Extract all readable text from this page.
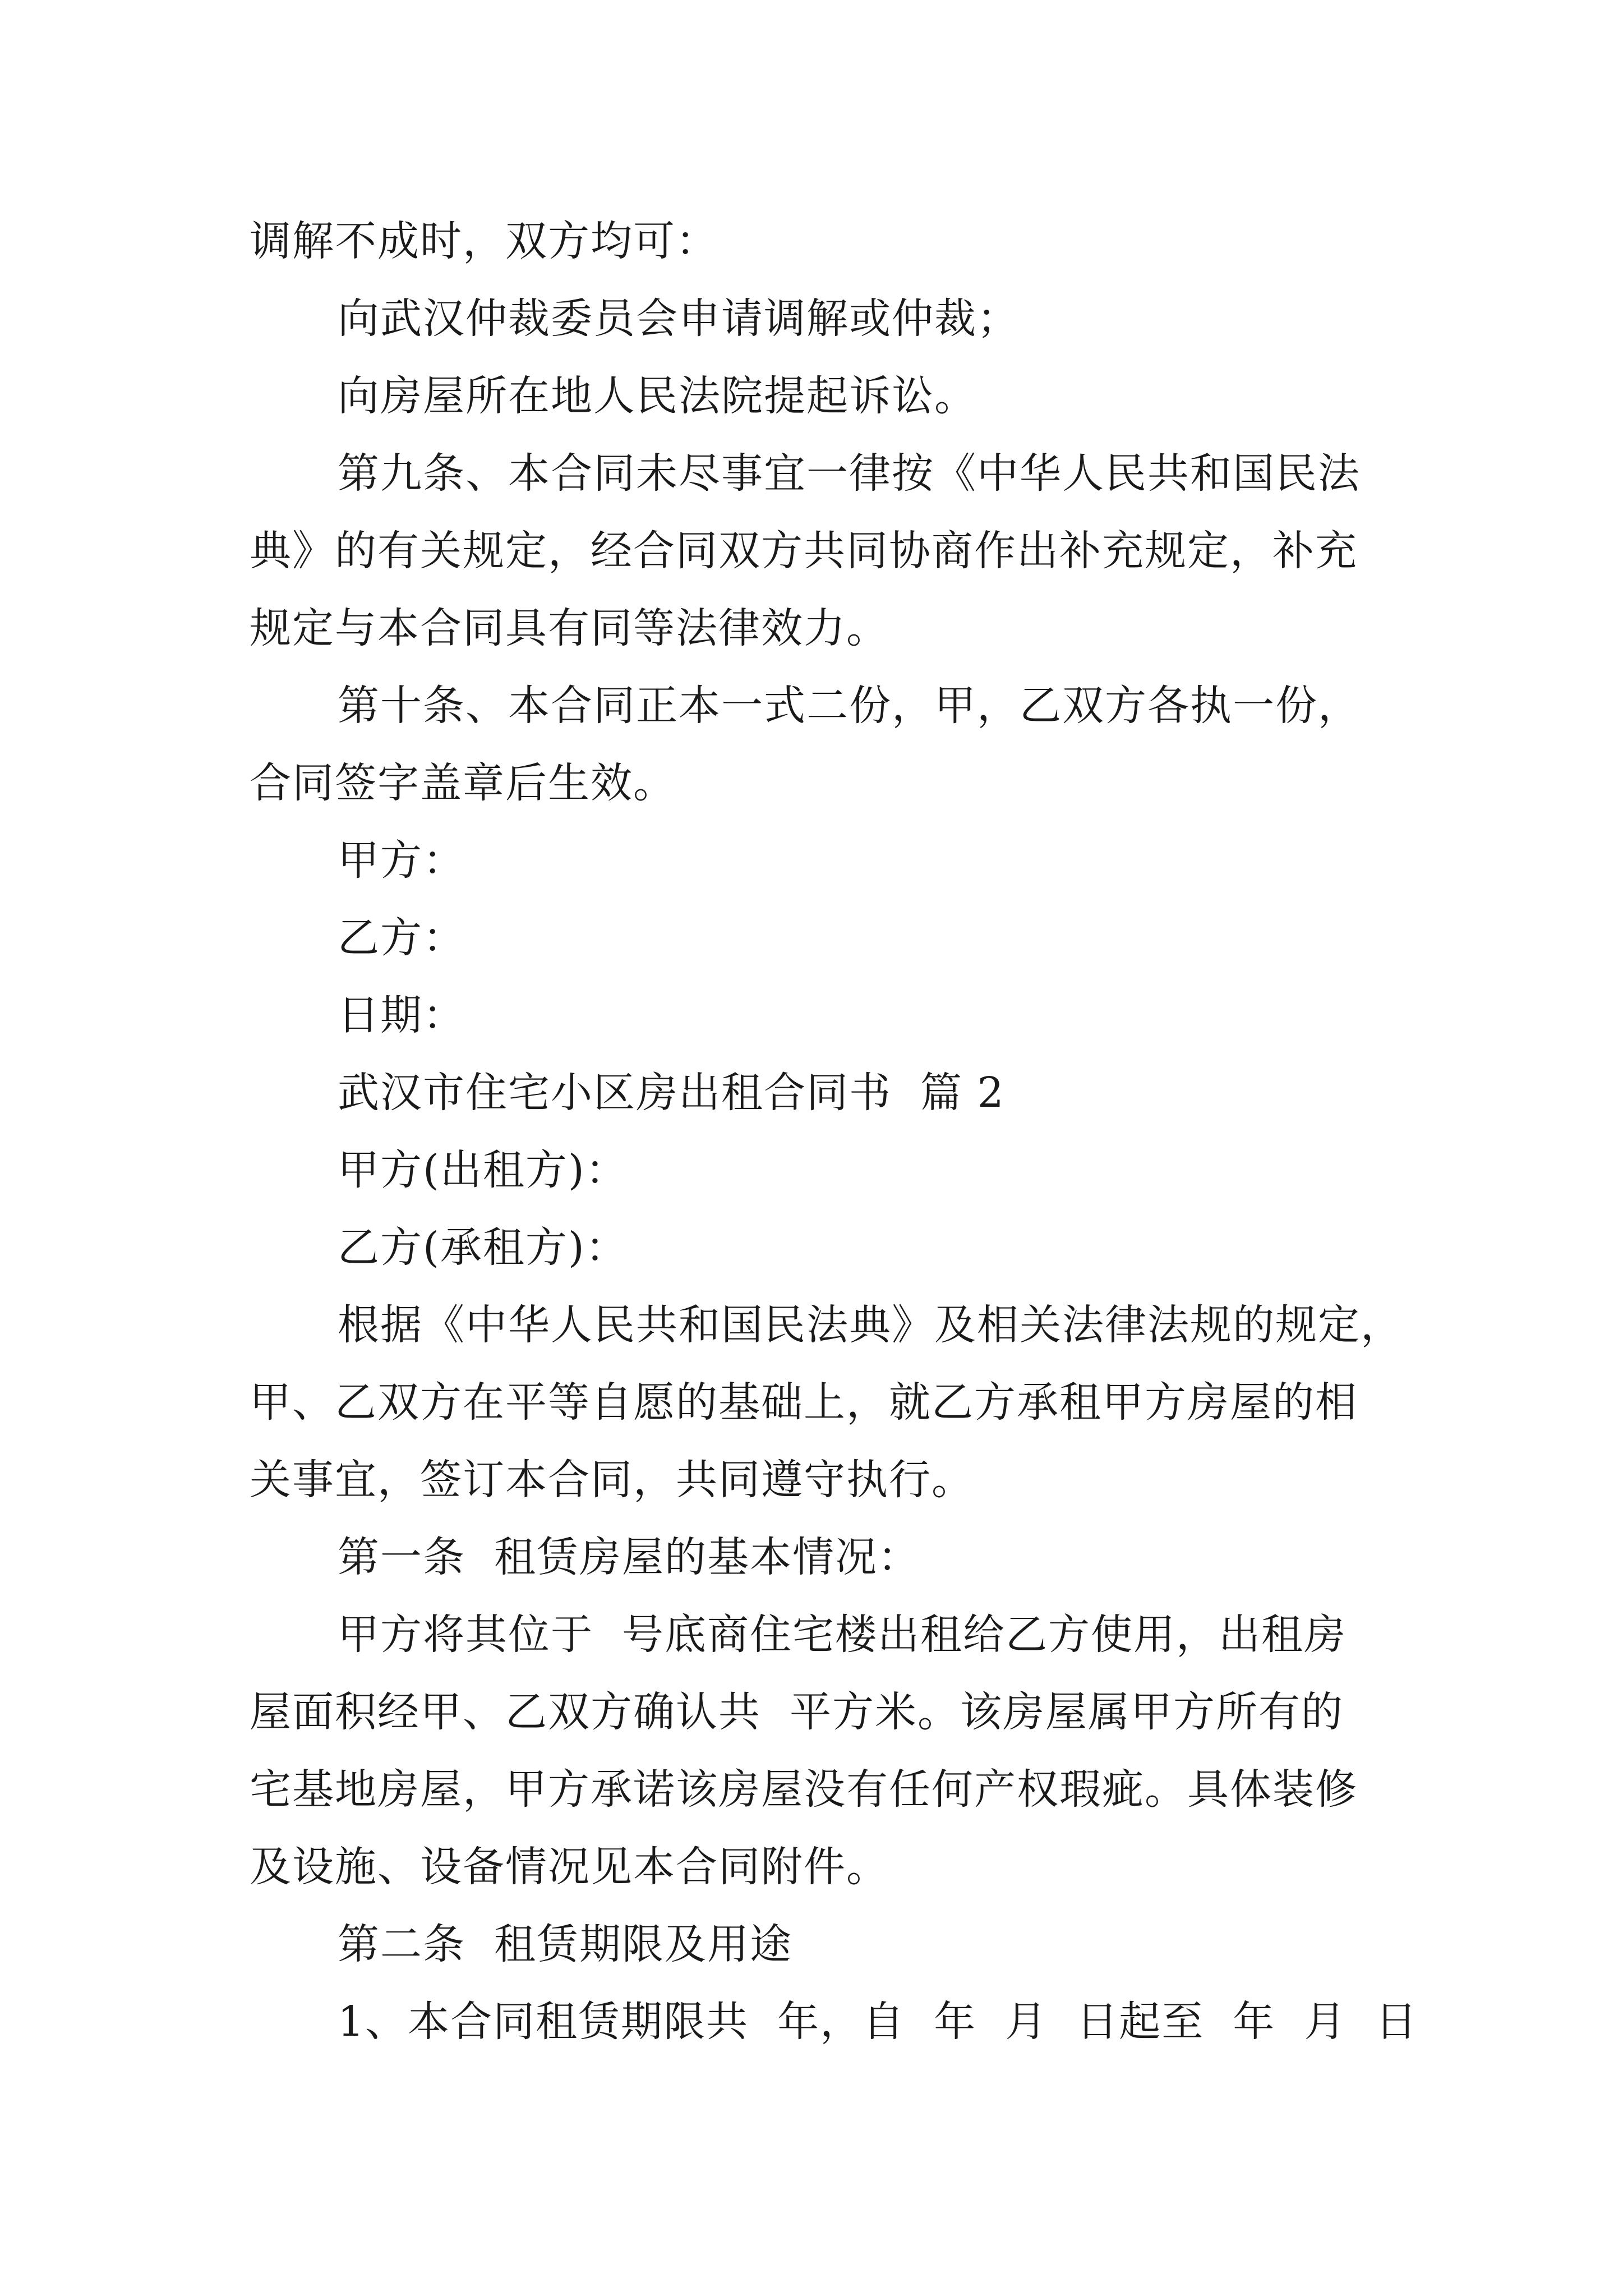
调解不成时，双方均可：
向武汉仲裁委员会申请调解或仲裁；
向房屋所在地人民法院提起诉讼。
第九条、本合同未尽事宜一律按《中华人民共和国民法
典》的有关规定，经合同双方共同协商作出补充规定，补充
规定与本合同具有同等法律效力。
第十条、本合同正本一式二份，甲，乙双方各执一份，
合同签字盖章后生效。
甲方：
乙方：
日期：
武汉市住宅小区房出租合同书  篇 2
甲方(出租方)：
乙方(承租方)：
根据《中华人民共和国民法典》及相关法律法规的规定，
甲、乙双方在平等自愿的基础上，就乙方承租甲方房屋的相
关事宜，签订本合同，共同遵守执行。
第一条  租赁房屋的基本情况：
甲方将其位于  号底商住宅楼出租给乙方使用，出租房
屋面积经甲、乙双方确认共  平方米。该房屋属甲方所有的
宅基地房屋，甲方承诺该房屋没有任何产权瑕疵。具体装修
及设施、设备情况见本合同附件。
第二条  租赁期限及用途
1、本合同租赁期限共  年，自  年  月  日起至  年  月  日
